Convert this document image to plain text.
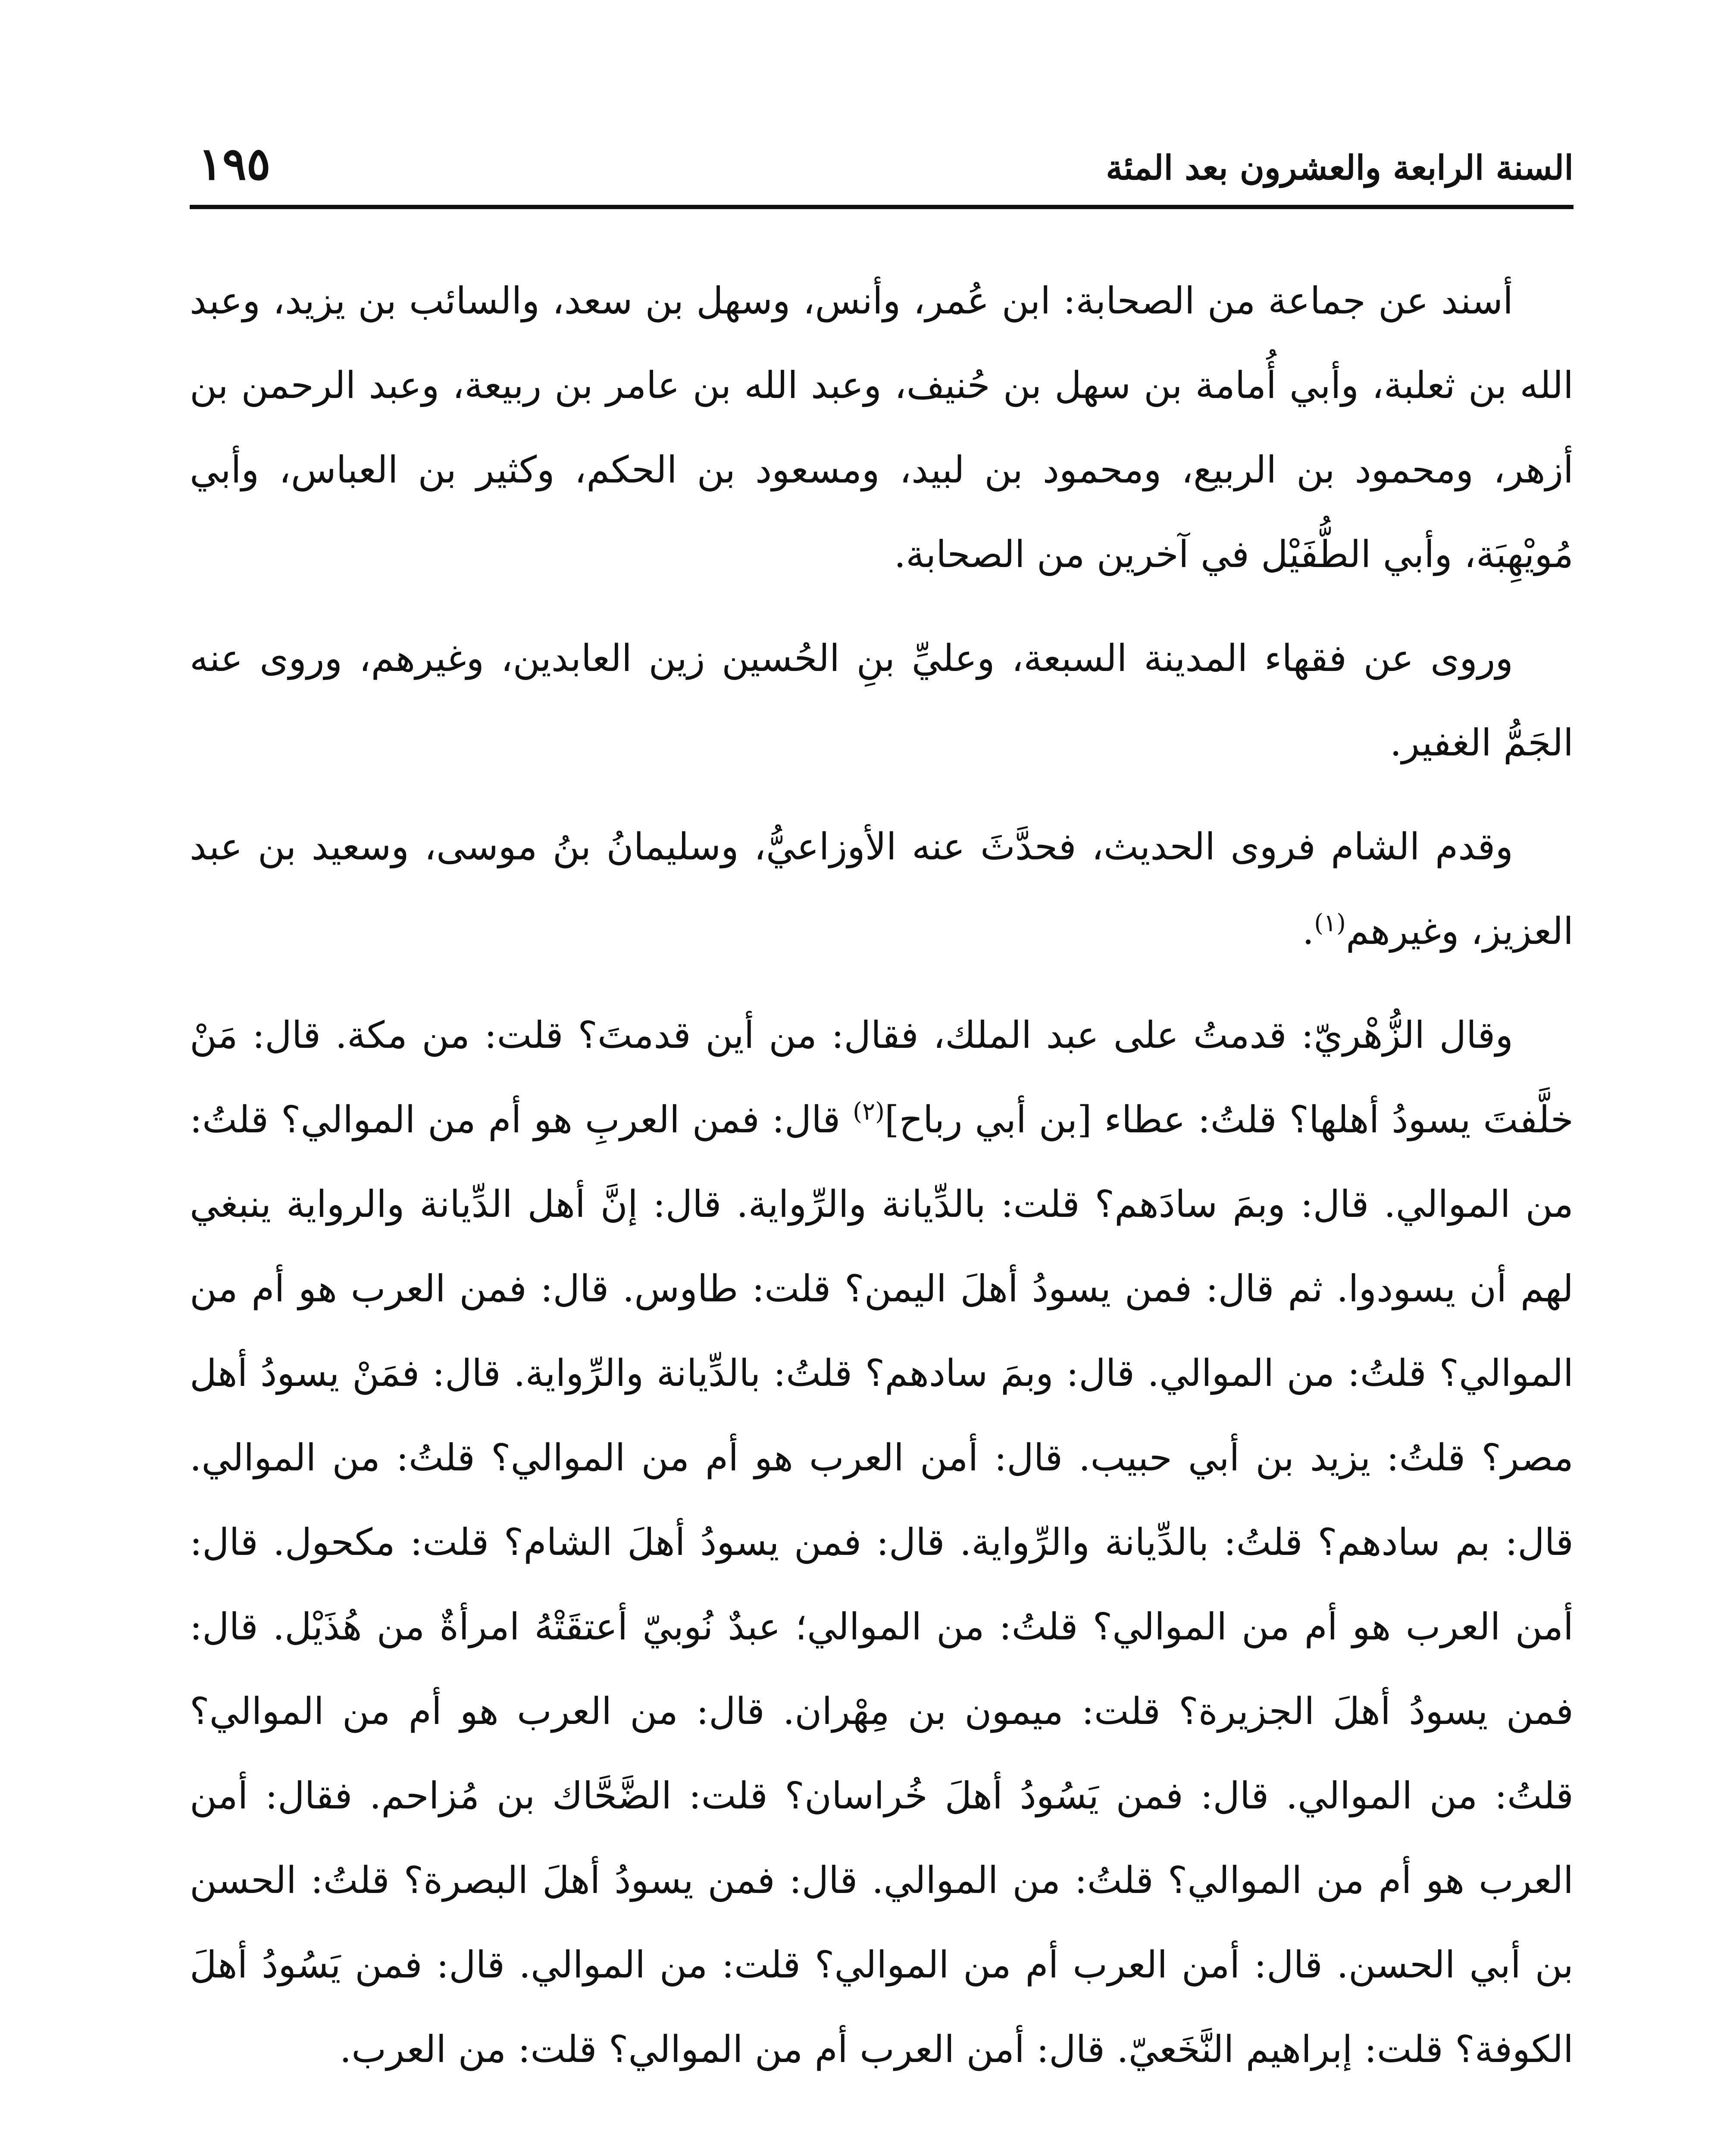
السنة الرابعة والعشرون بعد المئة
١٩٥

أسند عن جماعة من الصحابة: ابن عُمر، وأنس، وسهل بن سعد، والسائب بن يزيد، وعبد الله بن ثعلبة، وأبي أُمامة بن سهل بن حُنيف، وعبد الله بن عامر بن ربيعة، وعبد الرحمن بن أزهر، ومحمود بن الربيع، ومحمود بن لبيد، ومسعود بن الحكم، وكثير بن العباس، وأبي مُويْهِبَة، وأبي الطُّفَيْل في آخرين من الصحابة.

وروى عن فقهاء المدينة السبعة، وعليِّ بنِ الحُسين زين العابدين، وغيرهم، وروى عنه الجَمُّ الغفير.

وقدم الشام فروى الحديث، فحدَّثَ عنه الأوزاعيُّ، وسليمانُ بنُ موسى، وسعيد بن عبد العزيز، وغيرهم$^{(١)}$.

وقال الزُّهْريّ: قدمتُ على عبد الملك، فقال: من أين قدمتَ؟ قلت: من مكة. قال: مَنْ خلَّفتَ يسودُ أهلها؟ قلتُ: عطاء [بن أبي رباح]$^{(٢)}$ قال: فمن العربِ هو أم من الموالي؟ قلتُ: من الموالي. قال: وبمَ سادَهم؟ قلت: بالدِّيانة والرِّواية. قال: إنَّ أهل الدِّيانة والرواية ينبغي لهم أن يسودوا. ثم قال: فمن يسودُ أهلَ اليمن؟ قلت: طاوس. قال: فمن العرب هو أم من الموالي؟ قلتُ: من الموالي. قال: وبمَ سادهم؟ قلتُ: بالدِّيانة والرِّواية. قال: فمَنْ يسودُ أهل مصر؟ قلتُ: يزيد بن أبي حبيب. قال: أمن العرب هو أم من الموالي؟ قلتُ: من الموالي. قال: بم سادهم؟ قلتُ: بالدِّيانة والرِّواية. قال: فمن يسودُ أهلَ الشام؟ قلت: مكحول. قال: أمن العرب هو أم من الموالي؟ قلتُ: من الموالي؛ عبدٌ نُوبيّ أعتقَتْهُ امرأةٌ من هُذَيْل. قال: فمن يسودُ أهلَ الجزيرة؟ قلت: ميمون بن مِهْران. قال: من العرب هو أم من الموالي؟ قلتُ: من الموالي. قال: فمن يَسُودُ أهلَ خُراسان؟ قلت: الضَّحَّاك بن مُزاحم. فقال: أمن العرب هو أم من الموالي؟ قلتُ: من الموالي. قال: فمن يسودُ أهلَ البصرة؟ قلتُ: الحسن بن أبي الحسن. قال: أمن العرب أم من الموالي؟ قلت: من الموالي. قال: فمن يَسُودُ أهلَ الكوفة؟ قلت: إبراهيم النَّخَعيّ. قال: أمن العرب أم من الموالي؟ قلت: من العرب.
